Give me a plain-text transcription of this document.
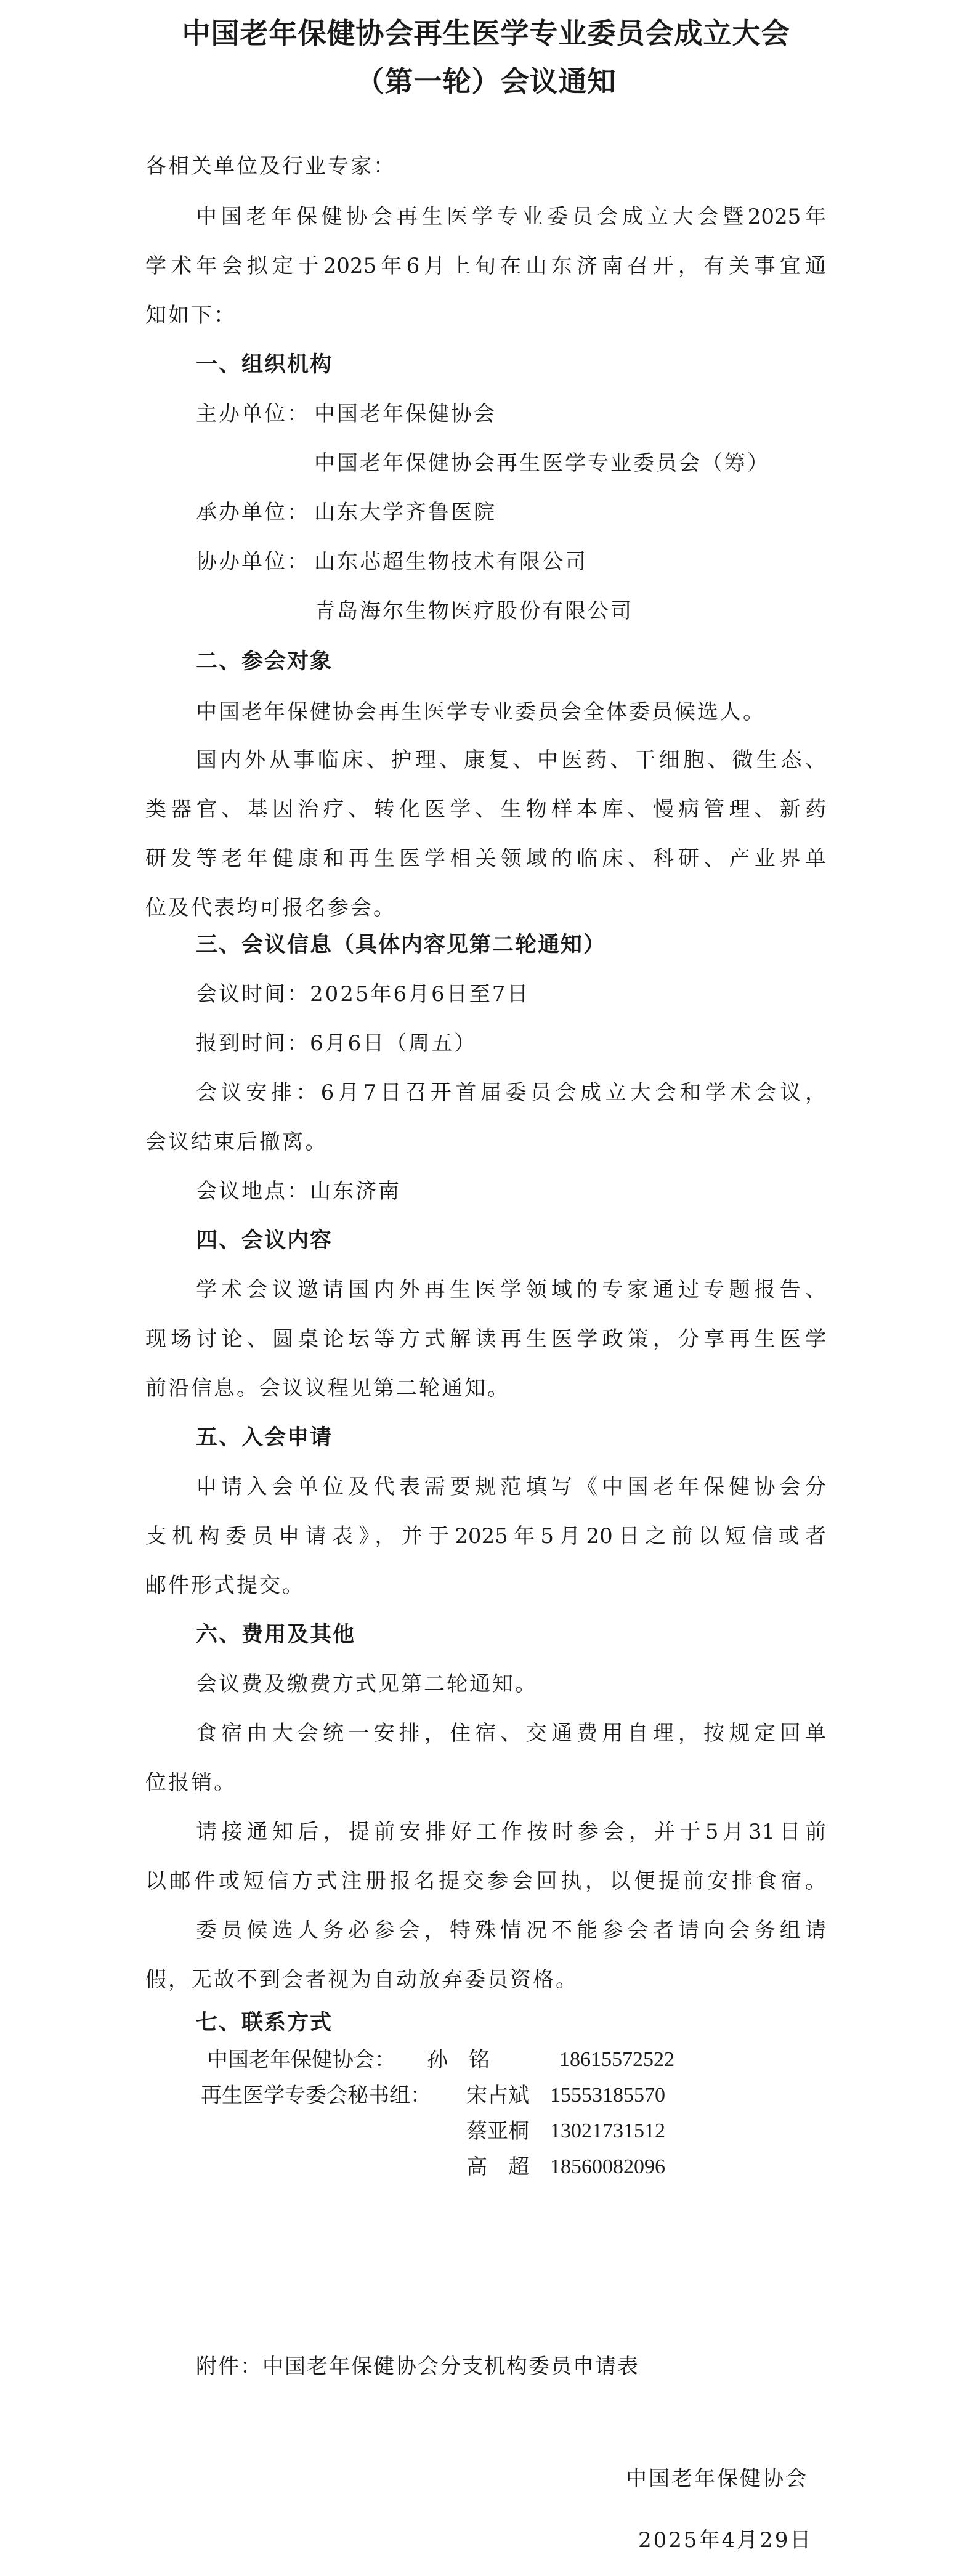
中国老年保健协会再生医学专业委员会成立大会
（第一轮）会议通知
各相关单位及行业专家：
中国老年保健协会再生医学专业委员会成立大会暨2025年
学术年会拟定于2025年6月上旬在山东济南召开，有关事宜通
知如下：
一、组织机构
主办单位： 中国老年保健协会
中国老年保健协会再生医学专业委员会（筹）
承办单位： 山东大学齐鲁医院
协办单位： 山东芯超生物技术有限公司
青岛海尔生物医疗股份有限公司
二、参会对象
中国老年保健协会再生医学专业委员会全体委员候选人。
国内外从事临床、护理、康复、中医药、干细胞、微生态、
类器官、基因治疗、转化医学、生物样本库、慢病管理、新药
研发等老年健康和再生医学相关领域的临床、科研、产业界单
位及代表均可报名参会。
三、会议信息（具体内容见第二轮通知）
会议时间：2025年6月6日至7日
报到时间：6月6日（周五）
会议安排：6月7日召开首届委员会成立大会和学术会议，
会议结束后撤离。
会议地点：山东济南
四、会议内容
学术会议邀请国内外再生医学领域的专家通过专题报告、
现场讨论、圆桌论坛等方式解读再生医学政策，分享再生医学
前沿信息。会议议程见第二轮通知。
五、入会申请
申请入会单位及代表需要规范填写《中国老年保健协会分
支机构委员申请表》，并于2025年5月20日之前以短信或者
邮件形式提交。
六、费用及其他
会议费及缴费方式见第二轮通知。
食宿由大会统一安排，住宿、交通费用自理，按规定回单
位报销。
请接通知后，提前安排好工作按时参会，并于5月31日前
以邮件或短信方式注册报名提交参会回执，以便提前安排食宿。
委员候选人务必参会，特殊情况不能参会者请向会务组请
假，无故不到会者视为自动放弃委员资格。
七、联系方式
中国老年保健协会： 孙　铭	18615572522
再生医学专委会秘书组： 宋占斌 15553185570
蔡亚桐 13021731512
高　超 18560082096
附件：中国老年保健协会分支机构委员申请表
中国老年保健协会
2025年4月29日
